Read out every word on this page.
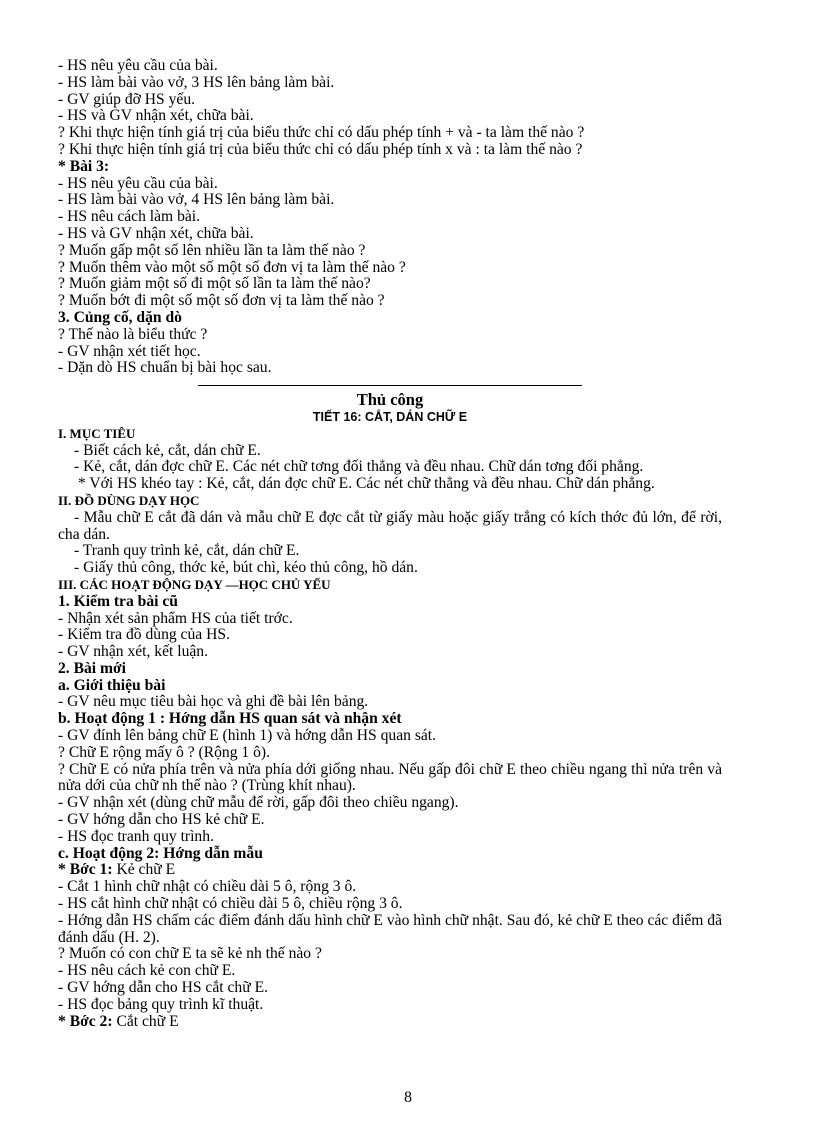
- HS nêu yêu cầu của bài.
- HS làm bài vào vở, 3 HS lên bảng làm bài.
- GV giúp đỡ HS yếu.
- HS và GV nhận xét, chữa bài.
? Khi thực hiện tính giá trị của biểu thức chỉ có dấu phép tính + và - ta làm thế nào ?
? Khi thực hiện tính giá trị của biểu thức chỉ có dấu phép tính x và : ta làm thế nào ?
* Bài 3:
- HS nêu yêu cầu của bài.
- HS làm bài vào vở, 4 HS lên bảng làm bài.
- HS nêu cách làm bài.
- HS và GV nhận xét, chữa bài.
? Muốn gấp một số lên nhiều lần ta làm thế nào ?
? Muốn thêm vào một số một số đơn vị ta làm thế nào ?
? Muốn giảm một số đi một số lần ta làm thế nào?
? Muốn bớt đi một số một số đơn vị ta làm thế nào ?
3. Củng cố, dặn dò
? Thế nào là biểu thức ?
- GV nhận xét tiết học.
- Dặn dò HS chuẩn bị bài học sau.
Thủ công
TIẾT 16: CẮT, DÁN CHỮ E
I. MỤC TIÊU
- Biết cách kẻ, cắt, dán chữ E.
- Kẻ, cắt, dán đợc chữ E. Các nét chữ tơng đối thẳng và đều nhau. Chữ dán tơng đối phẳng.
* Với HS khéo tay : Kẻ, cắt, dán đợc chữ E. Các nét chữ thẳng và đều nhau. Chữ dán phẳng.
II. ĐỒ DÙNG DẠY HỌC
- Mẫu chữ E cắt đã dán và mẫu chữ E đợc cắt từ giấy màu hoặc giấy trắng có kích thớc đủ lớn, để rời, cha dán.
- Tranh quy trình kẻ, cắt, dán chữ E.
- Giấy thủ công, thớc kẻ, bút chì, kéo thủ công, hồ dán.
III. CÁC HOẠT ĐỘNG DẠY —HỌC CHỦ YẾU
1. Kiểm tra bài cũ
- Nhận xét sản phẩm HS của tiết trớc.
- Kiểm tra đồ dùng của HS.
- GV nhận xét, kết luận.
2. Bài mới
a. Giới thiệu bài
- GV nêu mục tiêu bài học và ghi đề bài lên bảng.
b. Hoạt động 1 : Hớng dẫn HS quan sát và nhận xét
- GV đính lên bảng chữ E (hình 1) và hớng dẫn HS quan sát.
? Chữ E rộng mấy ô ? (Rộng 1 ô).
? Chữ E có nửa phía trên và nửa phía dới giống nhau. Nếu gấp đôi chữ E theo chiều ngang thì nửa trên và nửa dới của chữ nh thế nào ? (Trùng khít nhau).
- GV nhận xét (dùng chữ mẫu để rời, gấp đôi theo chiều ngang).
- GV hớng dẫn cho HS kẻ chữ E.
- HS đọc tranh quy trình.
c. Hoạt động 2: Hớng dẫn mẫu
* Bớc 1: Kẻ chữ E
- Cắt 1 hình chữ nhật có chiều dài 5 ô, rộng 3 ô.
- HS cắt hình chữ nhật có chiều dài 5 ô, chiều rộng 3 ô.
- Hớng dẫn HS chấm các điểm đánh dấu hình chữ E vào hình chữ nhật. Sau đó, kẻ chữ E theo các điểm đã đánh dấu (H. 2).
? Muốn có con chữ E ta sẽ kẻ nh thế nào ?
- HS nêu cách kẻ con chữ E.
- GV hớng dẫn cho HS cắt chữ E.
- HS đọc bảng quy trình kĩ thuật.
* Bớc 2: Cắt chữ E
8
